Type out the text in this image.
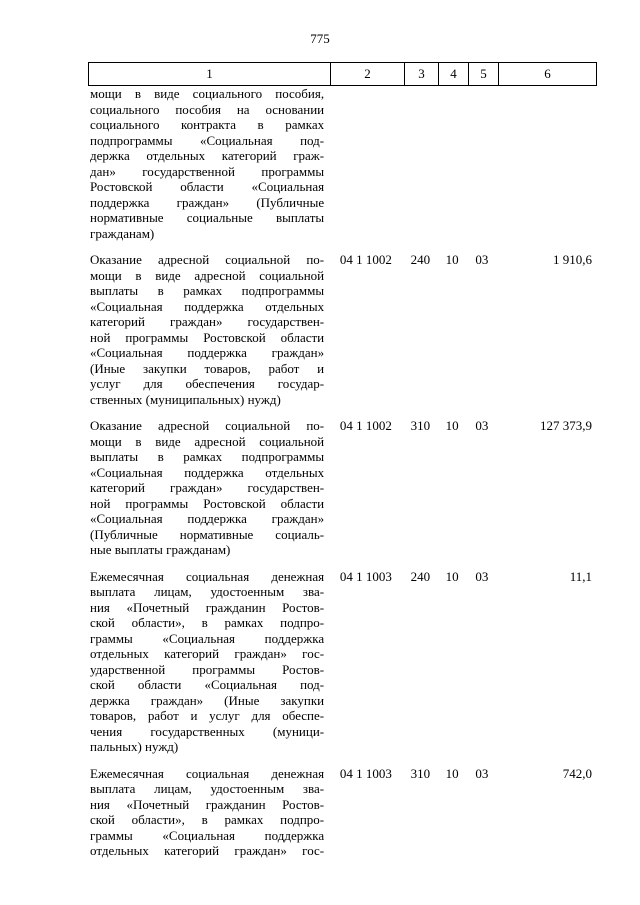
775
1	2	3	4	5	6
мощи в виде социального пособия,
социального пособия на основании
социального контракта в рамках
подпрограммы «Социальная под-
держка отдельных категорий граж-
дан» государственной программы
Ростовской области «Социальная
поддержка граждан» (Публичные
нормативные социальные выплаты
гражданам)
Оказание адресной социальной по-
мощи в виде адресной социальной
выплаты в рамках подпрограммы
«Социальная поддержка отдельных
категорий граждан» государствен-
ной программы Ростовской области
«Социальная поддержка граждан»
(Иные закупки товаров, работ и
услуг для обеспечения государ-
ственных (муниципальных) нужд)
04 1 1002	240	10	03	1 910,6
Оказание адресной социальной по-
мощи в виде адресной социальной
выплаты в рамках подпрограммы
«Социальная поддержка отдельных
категорий граждан» государствен-
ной программы Ростовской области
«Социальная поддержка граждан»
(Публичные нормативные социаль-
ные выплаты гражданам)
04 1 1002	310	10	03	127 373,9
Ежемесячная социальная денежная
выплата лицам, удостоенным зва-
ния «Почетный гражданин Ростов-
ской области», в рамках подпро-
граммы «Социальная поддержка
отдельных категорий граждан» гос-
ударственной программы Ростов-
ской области «Социальная под-
держка граждан» (Иные закупки
товаров, работ и услуг для обеспе-
чения государственных (муници-
пальных) нужд)
04 1 1003	240	10	03	11,1
Ежемесячная социальная денежная
выплата лицам, удостоенным зва-
ния «Почетный гражданин Ростов-
ской области», в рамках подпро-
граммы «Социальная поддержка
отдельных категорий граждан» гос-
04 1 1003	310	10	03	742,0
